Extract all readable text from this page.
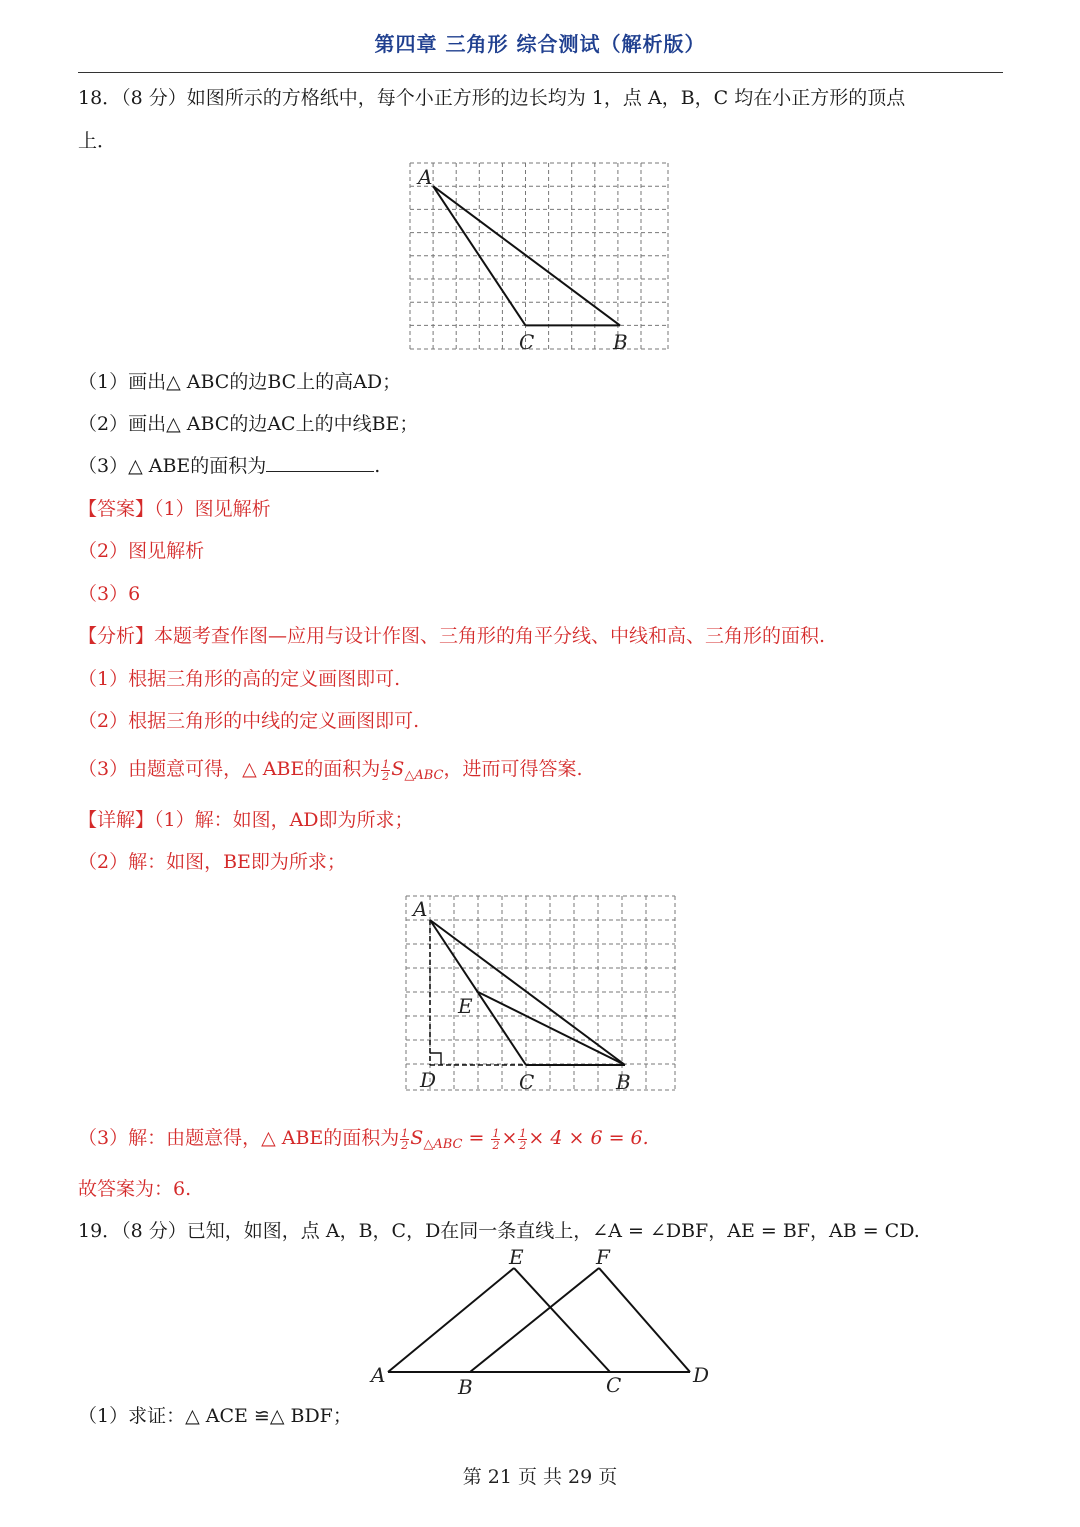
第四章 三角形 综合测试（解析版）
18．（8 分）如图所示的方格纸中，每个小正方形的边长均为 1，点 A，B，C 均在小正方形的顶点
上．
A
C	B
（1）画出△ ABC的边BC上的高AD；
（2）画出△ ABC的边AC上的中线BE；
（3）△ ABE的面积为	.
【答案】（1）图见解析
（2）图见解析
（3）6
【分析】本题考查作图—应用与设计作图、三角形的角平分线、中线和高、三角形的面积.
（1）根据三角形的高的定义画图即可.
（2）根据三角形的中线的定义画图即可.
（3）由题意可得，△ ABE的面积为 $\frac{1}{2} S_{\triangle ABC}$，进而可得答案.
【详解】（1）解：如图，AD即为所求；
（2）解：如图，BE即为所求；
A
E
D	C	B
（3）解：由题意得，△ ABE的面积为 $\frac{1}{2} S_{\triangle ABC} = \frac{1}{2} \times \frac{1}{2} \times 4 \times 6 = 6$.
故答案为：6.
19．（8 分）已知，如图，点 A，B，C，D在同一条直线上，∠A = ∠DBF，AE = BF，AB = CD.
E	F
A	B	C	D
（1）求证：△ ACE ≌△ BDF；
第 21 页 共 29 页
